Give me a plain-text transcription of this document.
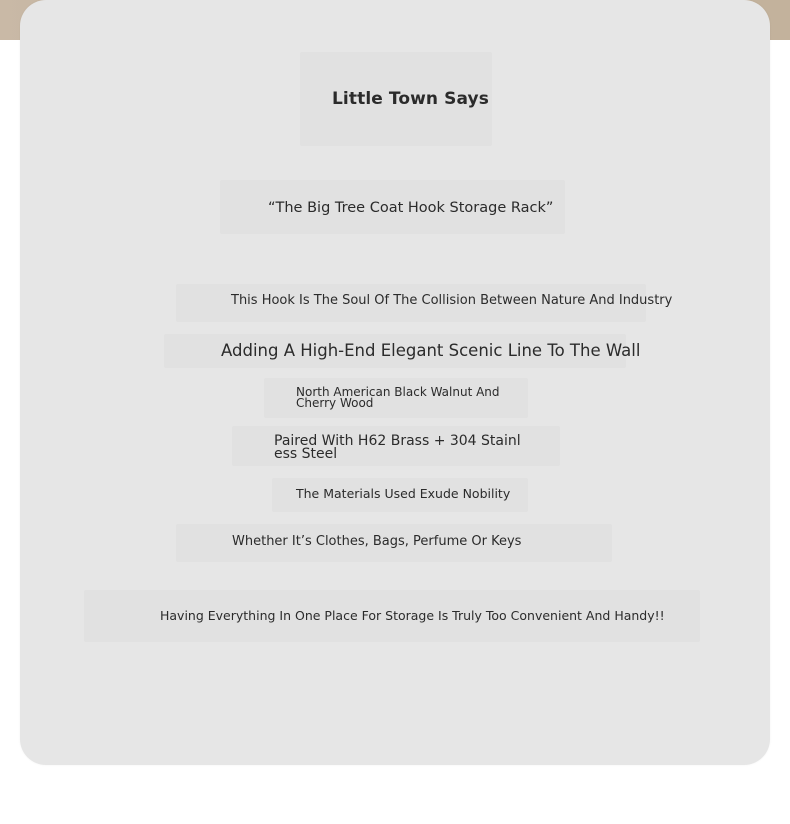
Little Town Says
“The Big Tree Coat Hook Storage Rack”
This Hook Is The Soul Of The Collision Between Nature And Industry
Adding A High-End Elegant Scenic Line To The Wall
North American Black Walnut And
Cherry Wood
Paired With H62 Brass + 304 Stainl
ess Steel
The Materials Used Exude Nobility
Whether It’s Clothes, Bags, Perfume Or Keys
Having Everything In One Place For Storage Is Truly Too Convenient And Handy!!
